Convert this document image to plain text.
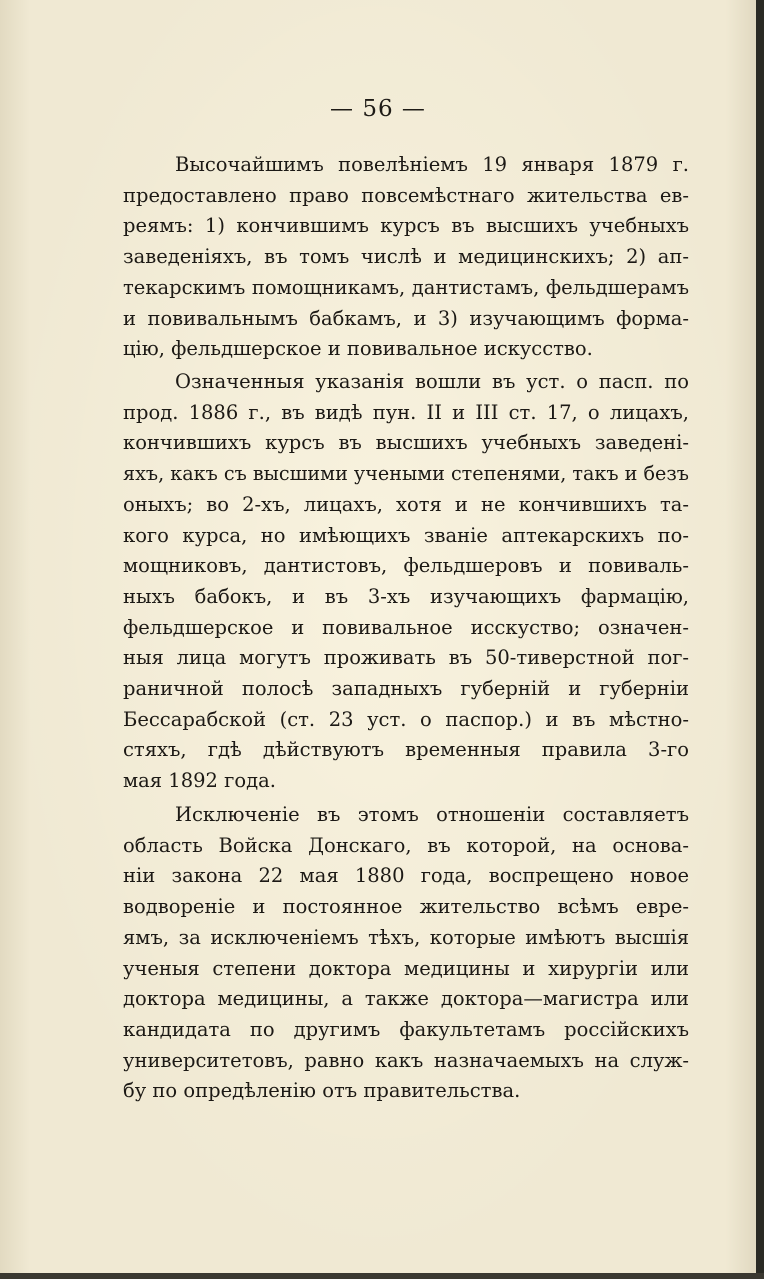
— 56 —
Высочайшимъ повелѣніемъ 19 января 1879 г.
предоставлено право повсемѣстнаго жительства ев-
реямъ: 1) кончившимъ курсъ въ высшихъ учебныхъ
заведеніяхъ, въ томъ числѣ и медицинскихъ; 2) ап-
текарскимъ помощникамъ, дантистамъ, фельдшерамъ
и повивальнымъ бабкамъ, и 3) изучающимъ форма-
цію, фельдшерское и повивальное искусство.
Означенныя указанія вошли въ уст. о пасп. по
прод. 1886 г., въ видѣ пун. II и III ст. 17, о лицахъ,
кончившихъ курсъ въ высшихъ учебныхъ заведені-
яхъ, какъ съ высшими учеными степенями, такъ и безъ
оныхъ; во 2-хъ, лицахъ, хотя и не кончившихъ та-
кого курса, но имѣющихъ званіе аптекарскихъ по-
мощниковъ, дантистовъ, фельдшеровъ и повиваль-
ныхъ бабокъ, и въ 3-хъ изучающихъ фармацію,
фельдшерское и повивальное исскуство; означен-
ныя лица могутъ проживать въ 50-тиверстной пог-
раничной полосѣ западныхъ губерній и губерніи
Бессарабской (ст. 23 уст. о паспор.) и въ мѣстно-
стяхъ, гдѣ дѣйствуютъ временныя правила 3-го
мая 1892 года.
Исключеніе въ этомъ отношеніи составляетъ
область Войска Донскаго, въ которой, на основа-
ніи закона 22 мая 1880 года, воспрещено новое
водвореніе и постоянное жительство всѣмъ евре-
ямъ, за исключеніемъ тѣхъ, которые имѣютъ высшія
ученыя степени доктора медицины и хирургіи или
доктора медицины, а также доктора—магистра или
кандидата по другимъ факультетамъ россійскихъ
университетовъ, равно какъ назначаемыхъ на служ-
бу по опредѣленію отъ правительства.
